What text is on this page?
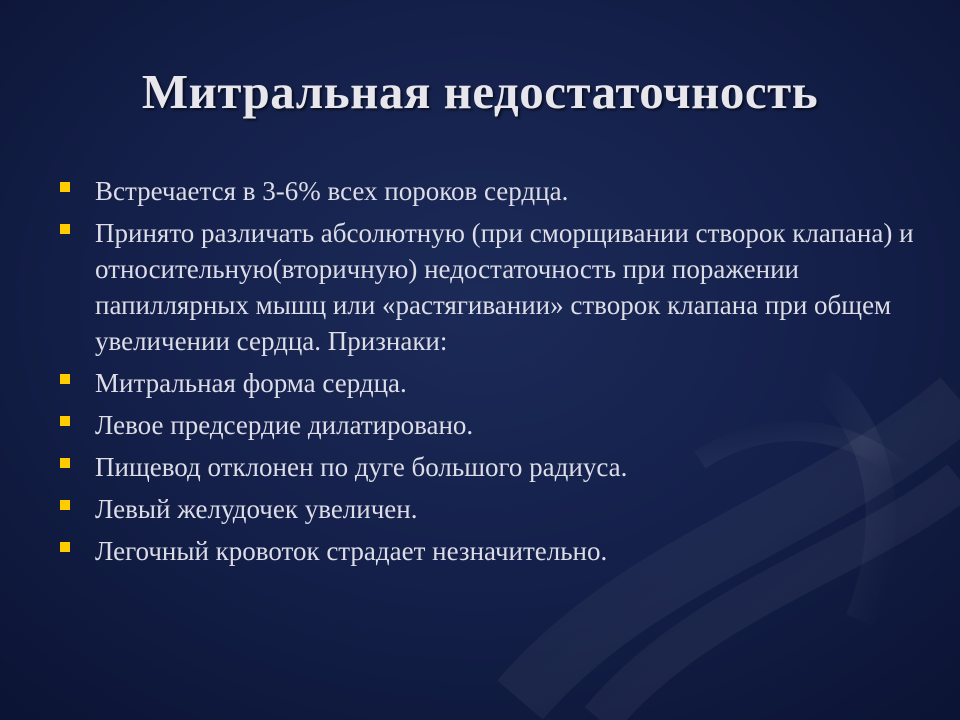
Митральная недостаточность
Встречается в 3-6% всех пороков сердца.
Принято различать абсолютную (при сморщивании створок клапана) и относительную(вторичную) недостаточность при поражении папиллярных мышц или «растягивании» створок клапана при общем увеличении сердца. Признаки:
Митральная форма сердца.
Левое предсердие дилатировано.
Пищевод отклонен по дуге большого радиуса.
Левый желудочек увеличен.
Легочный кровоток страдает незначительно.
